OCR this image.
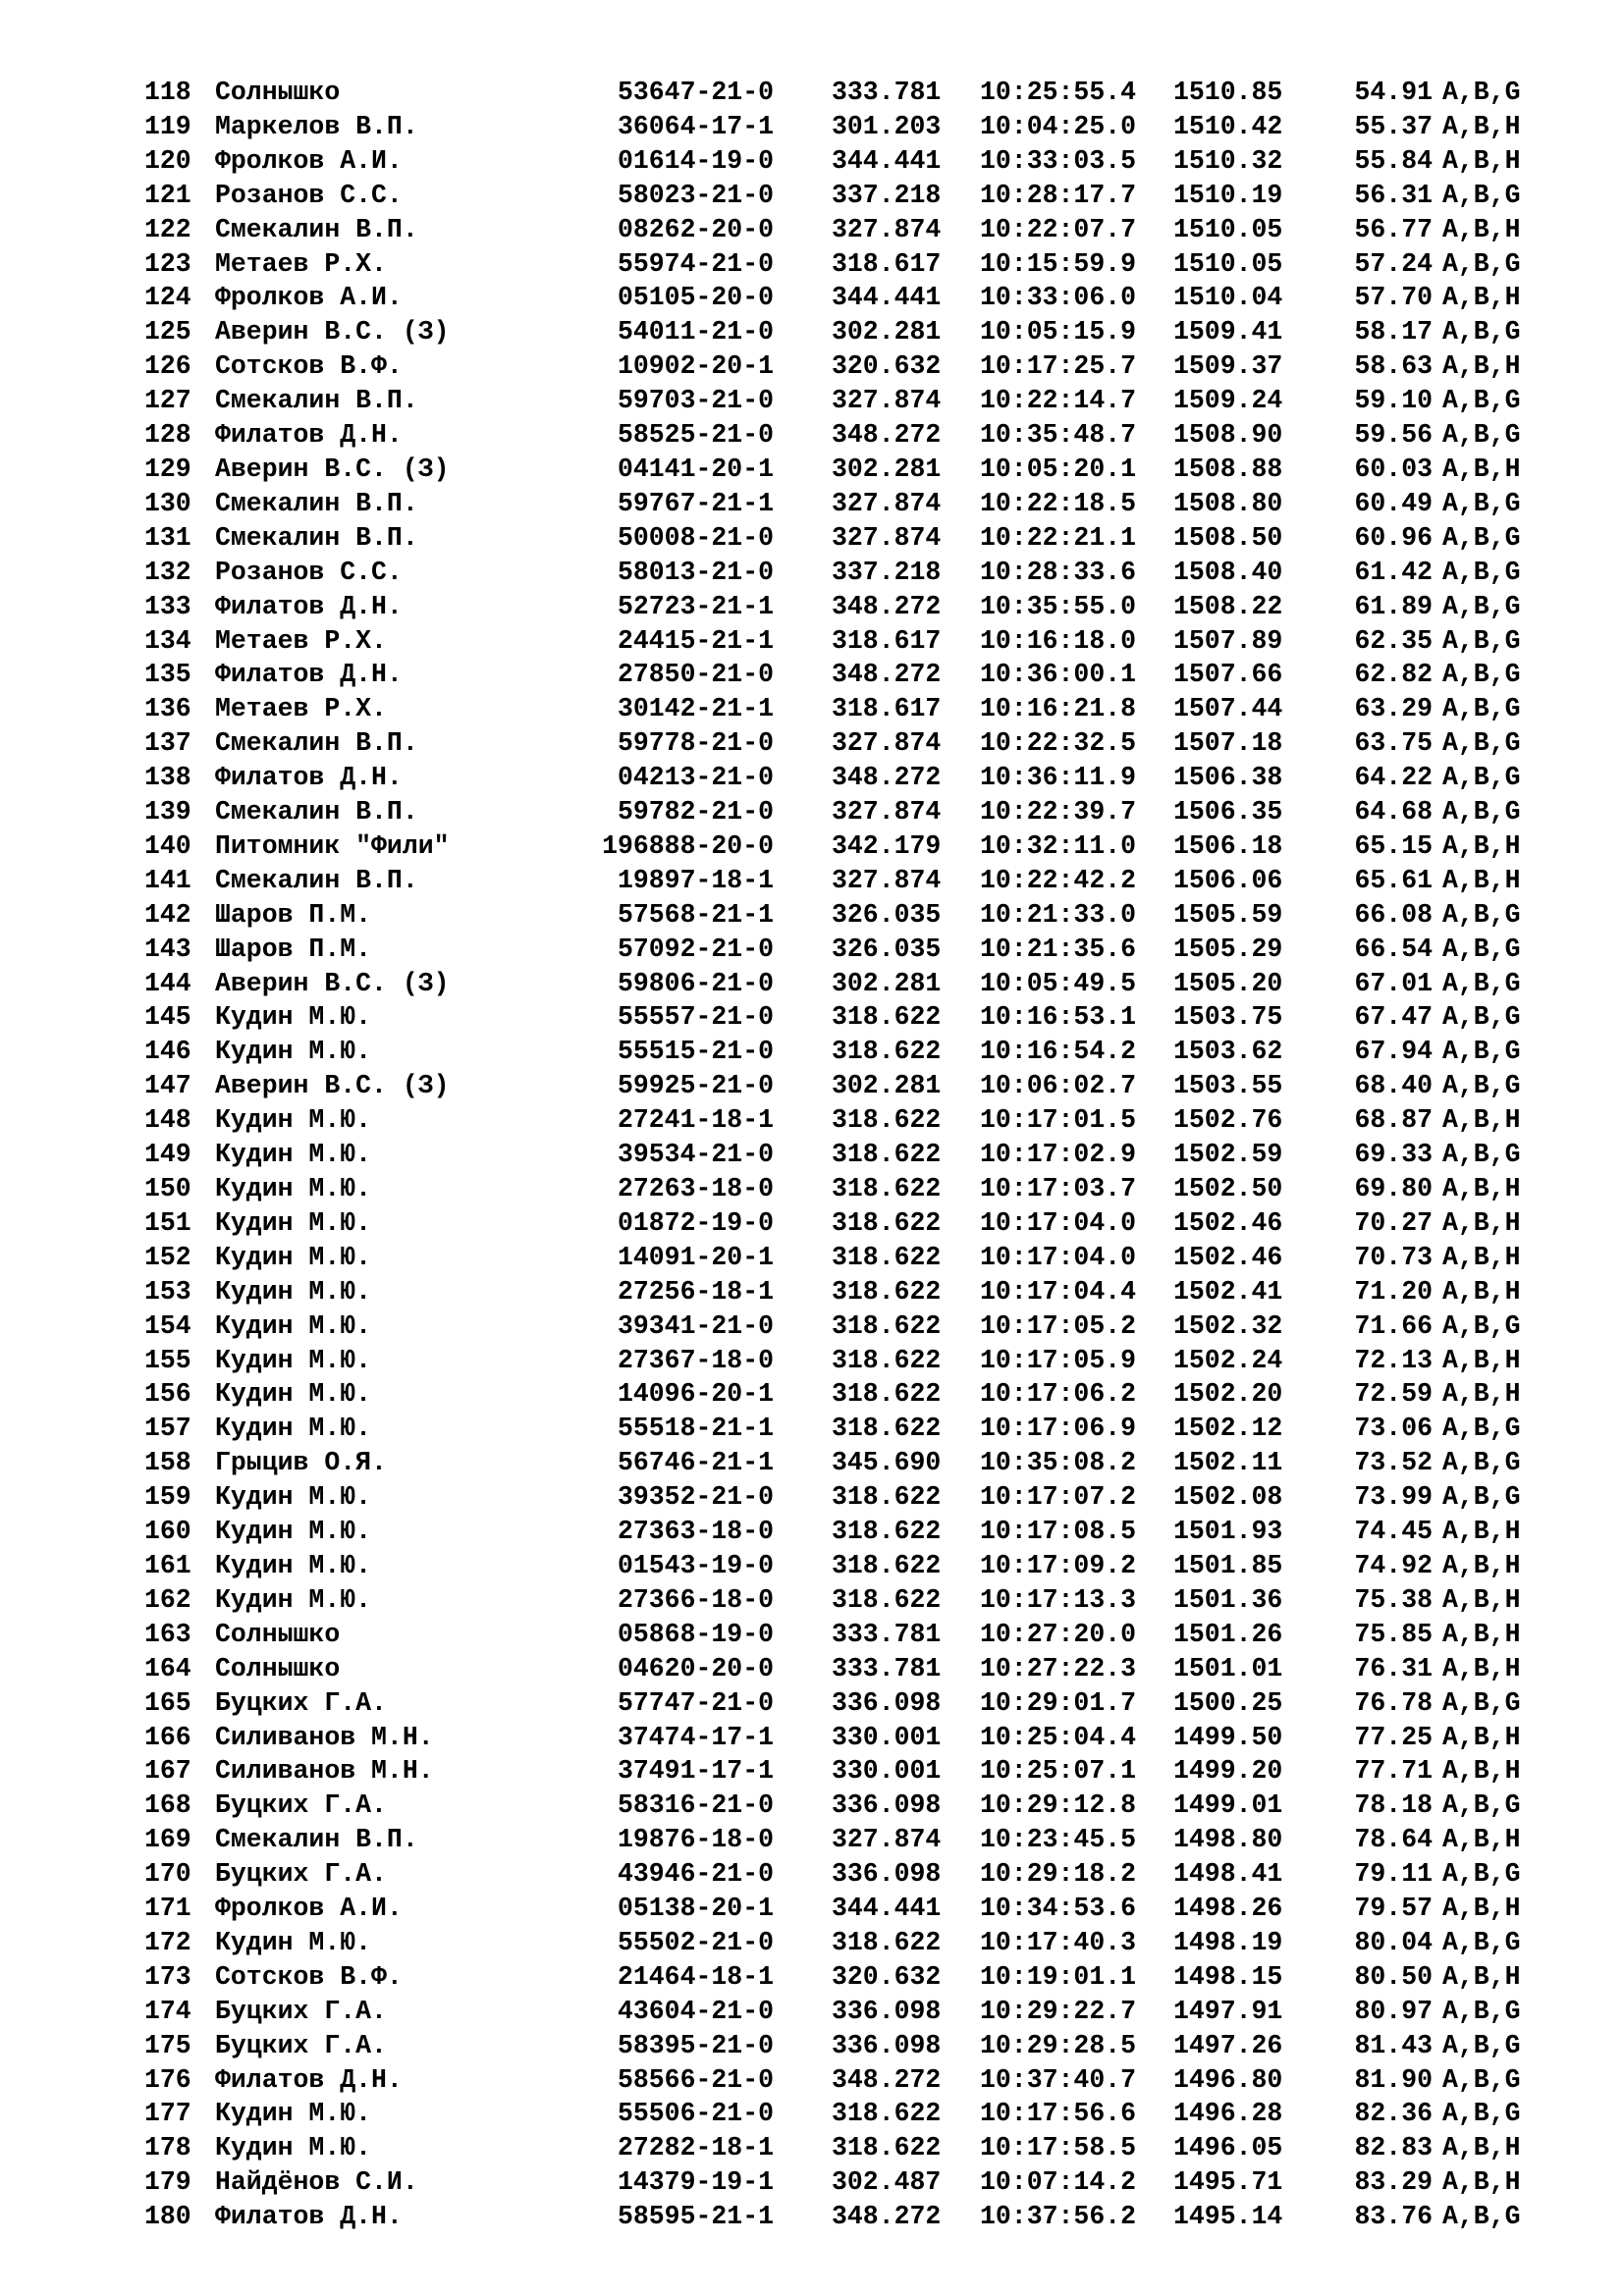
118 Солнышко	53647-21-0 333.781 10:25:55.4 1510.85	54.91 A,B,G
119 Маркелов В.П.	36064-17-1 301.203 10:04:25.0 1510.42	55.37 A,B,H
120 Фролков А.И.	01614-19-0 344.441 10:33:03.5 1510.32	55.84 A,B,H
121 Розанов С.С.	58023-21-0 337.218 10:28:17.7 1510.19	56.31 A,B,G
122 Смекалин В.П.	08262-20-0 327.874 10:22:07.7 1510.05	56.77 A,B,H
123 Метаев Р.Х.	55974-21-0 318.617 10:15:59.9 1510.05	57.24 A,B,G
124 Фролков А.И.	05105-20-0 344.441 10:33:06.0 1510.04	57.70 A,B,H
125 Аверин В.С. (З)	54011-21-0 302.281 10:05:15.9 1509.41	58.17 A,B,G
126 Сотсков В.Ф.	10902-20-1 320.632 10:17:25.7 1509.37	58.63 A,B,H
127 Смекалин В.П.	59703-21-0 327.874 10:22:14.7 1509.24	59.10 A,B,G
128 Филатов Д.Н.	58525-21-0 348.272 10:35:48.7 1508.90	59.56 A,B,G
129 Аверин В.С. (З)	04141-20-1 302.281 10:05:20.1 1508.88	60.03 A,B,H
130 Смекалин В.П.	59767-21-1 327.874 10:22:18.5 1508.80	60.49 A,B,G
131 Смекалин В.П.	50008-21-0 327.874 10:22:21.1 1508.50	60.96 A,B,G
132 Розанов С.С.	58013-21-0 337.218 10:28:33.6 1508.40	61.42 A,B,G
133 Филатов Д.Н.	52723-21-1 348.272 10:35:55.0 1508.22	61.89 A,B,G
134 Метаев Р.Х.	24415-21-1 318.617 10:16:18.0 1507.89	62.35 A,B,G
135 Филатов Д.Н.	27850-21-0 348.272 10:36:00.1 1507.66	62.82 A,B,G
136 Метаев Р.Х.	30142-21-1 318.617 10:16:21.8 1507.44	63.29 A,B,G
137 Смекалин В.П.	59778-21-0 327.874 10:22:32.5 1507.18	63.75 A,B,G
138 Филатов Д.Н.	04213-21-0 348.272 10:36:11.9 1506.38	64.22 A,B,G
139 Смекалин В.П.	59782-21-0 327.874 10:22:39.7 1506.35	64.68 A,B,G
140 Питомник "Фили"	196888-20-0 342.179 10:32:11.0 1506.18	65.15 A,B,H
141 Смекалин В.П.	19897-18-1 327.874 10:22:42.2 1506.06	65.61 A,B,H
142 Шаров П.М.	57568-21-1 326.035 10:21:33.0 1505.59	66.08 A,B,G
143 Шаров П.М.	57092-21-0 326.035 10:21:35.6 1505.29	66.54 A,B,G
144 Аверин В.С. (З)	59806-21-0 302.281 10:05:49.5 1505.20	67.01 A,B,G
145 Кудин М.Ю.	55557-21-0 318.622 10:16:53.1 1503.75	67.47 A,B,G
146 Кудин М.Ю.	55515-21-0 318.622 10:16:54.2 1503.62	67.94 A,B,G
147 Аверин В.С. (З)	59925-21-0 302.281 10:06:02.7 1503.55	68.40 A,B,G
148 Кудин М.Ю.	27241-18-1 318.622 10:17:01.5 1502.76	68.87 A,B,H
149 Кудин М.Ю.	39534-21-0 318.622 10:17:02.9 1502.59	69.33 A,B,G
150 Кудин М.Ю.	27263-18-0 318.622 10:17:03.7 1502.50	69.80 A,B,H
151 Кудин М.Ю.	01872-19-0 318.622 10:17:04.0 1502.46	70.27 A,B,H
152 Кудин М.Ю.	14091-20-1 318.622 10:17:04.0 1502.46	70.73 A,B,H
153 Кудин М.Ю.	27256-18-1 318.622 10:17:04.4 1502.41	71.20 A,B,H
154 Кудин М.Ю.	39341-21-0 318.622 10:17:05.2 1502.32	71.66 A,B,G
155 Кудин М.Ю.	27367-18-0 318.622 10:17:05.9 1502.24	72.13 A,B,H
156 Кудин М.Ю.	14096-20-1 318.622 10:17:06.2 1502.20	72.59 A,B,H
157 Кудин М.Ю.	55518-21-1 318.622 10:17:06.9 1502.12	73.06 A,B,G
158 Грыцив О.Я.	56746-21-1 345.690 10:35:08.2 1502.11	73.52 A,B,G
159 Кудин М.Ю.	39352-21-0 318.622 10:17:07.2 1502.08	73.99 A,B,G
160 Кудин М.Ю.	27363-18-0 318.622 10:17:08.5 1501.93	74.45 A,B,H
161 Кудин М.Ю.	01543-19-0 318.622 10:17:09.2 1501.85	74.92 A,B,H
162 Кудин М.Ю.	27366-18-0 318.622 10:17:13.3 1501.36	75.38 A,B,H
163 Солнышко	05868-19-0 333.781 10:27:20.0 1501.26	75.85 A,B,H
164 Солнышко	04620-20-0 333.781 10:27:22.3 1501.01	76.31 A,B,H
165 Буцких Г.А.	57747-21-0 336.098 10:29:01.7 1500.25	76.78 A,B,G
166 Силиванов М.Н.	37474-17-1 330.001 10:25:04.4 1499.50	77.25 A,B,H
167 Силиванов М.Н.	37491-17-1 330.001 10:25:07.1 1499.20	77.71 A,B,H
168 Буцких Г.А.	58316-21-0 336.098 10:29:12.8 1499.01	78.18 A,B,G
169 Смекалин В.П.	19876-18-0 327.874 10:23:45.5 1498.80	78.64 A,B,H
170 Буцких Г.А.	43946-21-0 336.098 10:29:18.2 1498.41	79.11 A,B,G
171 Фролков А.И.	05138-20-1 344.441 10:34:53.6 1498.26	79.57 A,B,H
172 Кудин М.Ю.	55502-21-0 318.622 10:17:40.3 1498.19	80.04 A,B,G
173 Сотсков В.Ф.	21464-18-1 320.632 10:19:01.1 1498.15	80.50 A,B,H
174 Буцких Г.А.	43604-21-0 336.098 10:29:22.7 1497.91	80.97 A,B,G
175 Буцких Г.А.	58395-21-0 336.098 10:29:28.5 1497.26	81.43 A,B,G
176 Филатов Д.Н.	58566-21-0 348.272 10:37:40.7 1496.80	81.90 A,B,G
177 Кудин М.Ю.	55506-21-0 318.622 10:17:56.6 1496.28	82.36 A,B,G
178 Кудин М.Ю.	27282-18-1 318.622 10:17:58.5 1496.05	82.83 A,B,H
179 Найдёнов С.И.	14379-19-1 302.487 10:07:14.2 1495.71	83.29 A,B,H
180 Филатов Д.Н.	58595-21-1 348.272 10:37:56.2 1495.14	83.76 A,B,G
